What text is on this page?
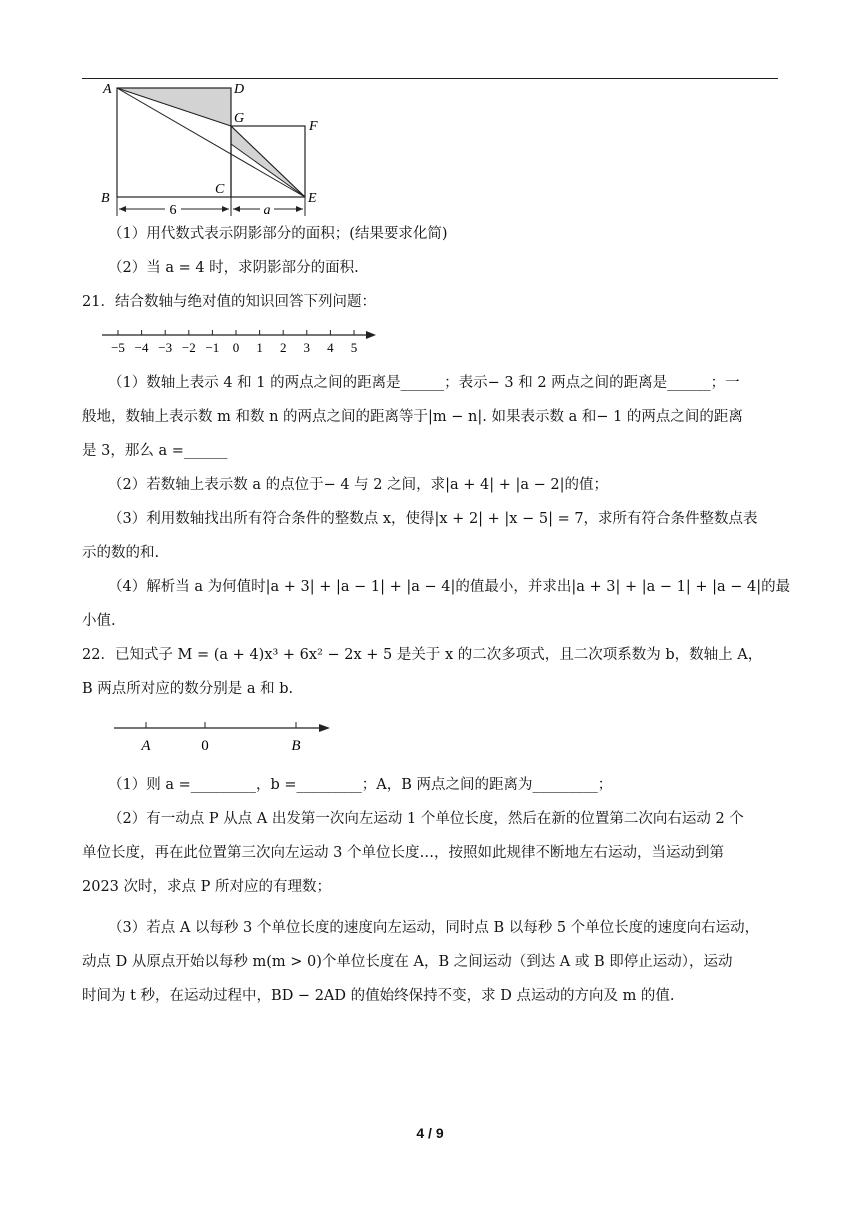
6	a
A	D
G
F
B
C
E
（1）用代数式表示阴影部分的面积；(结果要求化简)
（2）当 a = 4 时，求阴影部分的面积.
21．结合数轴与绝对值的知识回答下列问题：
−5 −4 −3 −2 −1 0 1 2 3 4 5
（1）数轴上表示 4 和 1 的两点之间的距离是______；表示− 3 和 2 两点之间的距离是______；一
般地，数轴上表示数 m 和数 n 的两点之间的距离等于|m − n|. 如果表示数 a 和− 1 的两点之间的距离
是 3，那么 a =______
（2）若数轴上表示数 a 的点位于− 4 与 2 之间，求|a + 4| + |a − 2|的值；
（3）利用数轴找出所有符合条件的整数点 x，使得|x + 2| + |x − 5| = 7，求所有符合条件整数点表
示的数的和.
（4）解析当 a 为何值时|a + 3| + |a − 1| + |a − 4|的值最小，并求出|a + 3| + |a − 1| + |a − 4|的最
小值.
22．已知式子 M = (a + 4)x³ + 6x² − 2x + 5 是关于 x 的二次多项式，且二次项系数为 b，数轴上 A，
B 两点所对应的数分别是 a 和 b.
A	0	B
（1）则 a =_________，b =_________；A，B 两点之间的距离为_________；
（2）有一动点 P 从点 A 出发第一次向左运动 1 个单位长度，然后在新的位置第二次向右运动 2 个
单位长度，再在此位置第三次向左运动 3 个单位长度…，按照如此规律不断地左右运动，当运动到第
2023 次时，求点 P 所对应的有理数；
（3）若点 A 以每秒 3 个单位长度的速度向左运动，同时点 B 以每秒 5 个单位长度的速度向右运动，
动点 D 从原点开始以每秒 m(m > 0)个单位长度在 A，B 之间运动（到达 A 或 B 即停止运动），运动
时间为 t 秒，在运动过程中，BD − 2AD 的值始终保持不变，求 D 点运动的方向及 m 的值.
4 / 9
